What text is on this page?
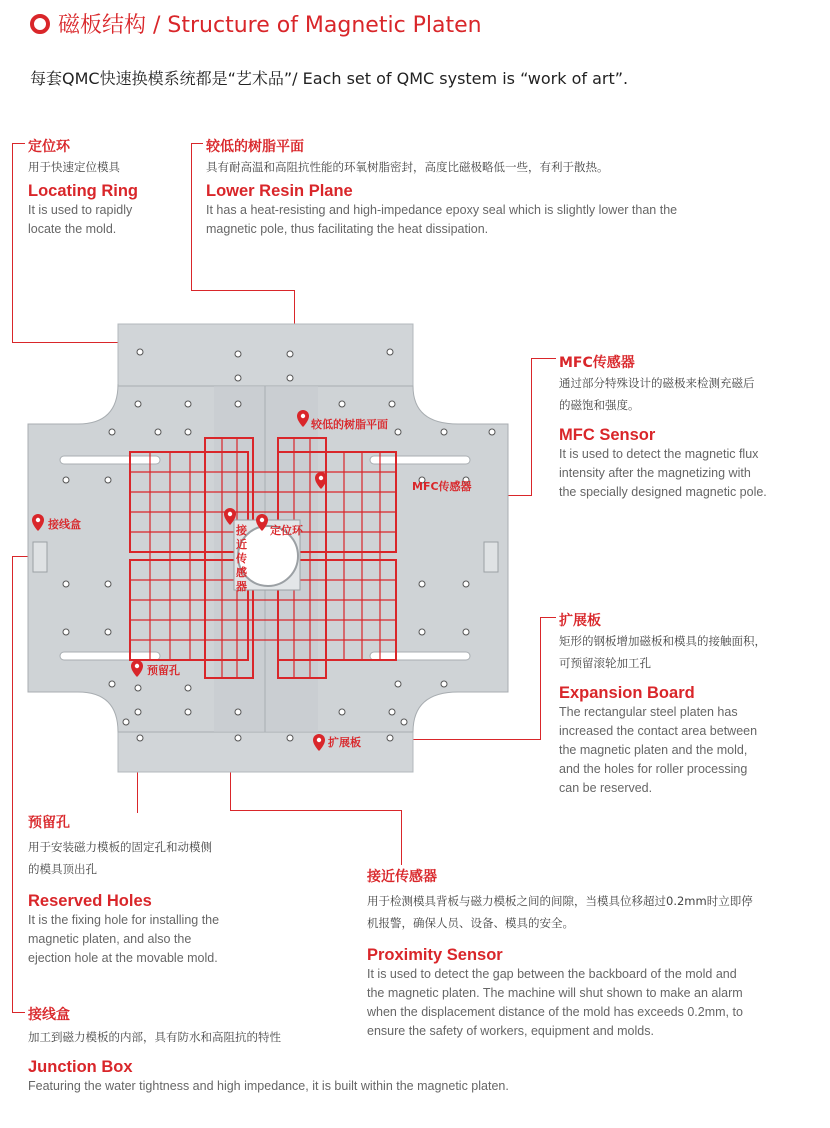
磁板结构 / Structure of Magnetic Platen
每套QMC快速换模系统都是“艺术品”/ Each set of QMC system is “work of art”.
定位环
用于快速定位模具
Locating Ring
It is used to rapidly
locate the mold.
较低的树脂平面
具有耐高温和高阻抗性能的环氧树脂密封，高度比磁极略低一些，有利于散热。
Lower Resin Plane
It has a heat-resisting and high-impedance epoxy seal which is slightly lower than the
magnetic pole, thus facilitating the heat dissipation.
MFC传感器
通过部分特殊设计的磁极来检测充磁后
的磁饱和强度。
MFC Sensor
It is used to detect the magnetic flux
intensity after the magnetizing with
the specially designed magnetic pole.
扩展板
矩形的钢板增加磁板和模具的接触面积，
可预留滚轮加工孔
Expansion Board
The rectangular steel platen has
increased the contact area between
the magnetic platen and the mold,
and the holes for roller processing
can be reserved.
预留孔
用于安装磁力模板的固定孔和动模侧
的模具顶出孔
Reserved Holes
It is the fixing hole for installing the
magnetic platen, and also the
ejection hole at the movable mold.
接近传感器
用于检测模具背板与磁力模板之间的间隙，当模具位移超过0.2mm时立即停
机报警，确保人员、设备、模具的安全。
Proximity Sensor
It is used to detect the gap between the backboard of the mold and
the magnetic platen. The machine will shut shown to make an alarm
when the displacement distance of the mold has exceeds 0.2mm, to
ensure the safety of workers, equipment and molds.
接线盒
加工到磁力模板的内部，具有防水和高阻抗的特性
Junction Box
Featuring the water tightness and high impedance, it is built within the magnetic platen.
较低的树脂平面
MFC传感器
定位环
接线盒	接
近
传
感
器
预留孔
扩展板
